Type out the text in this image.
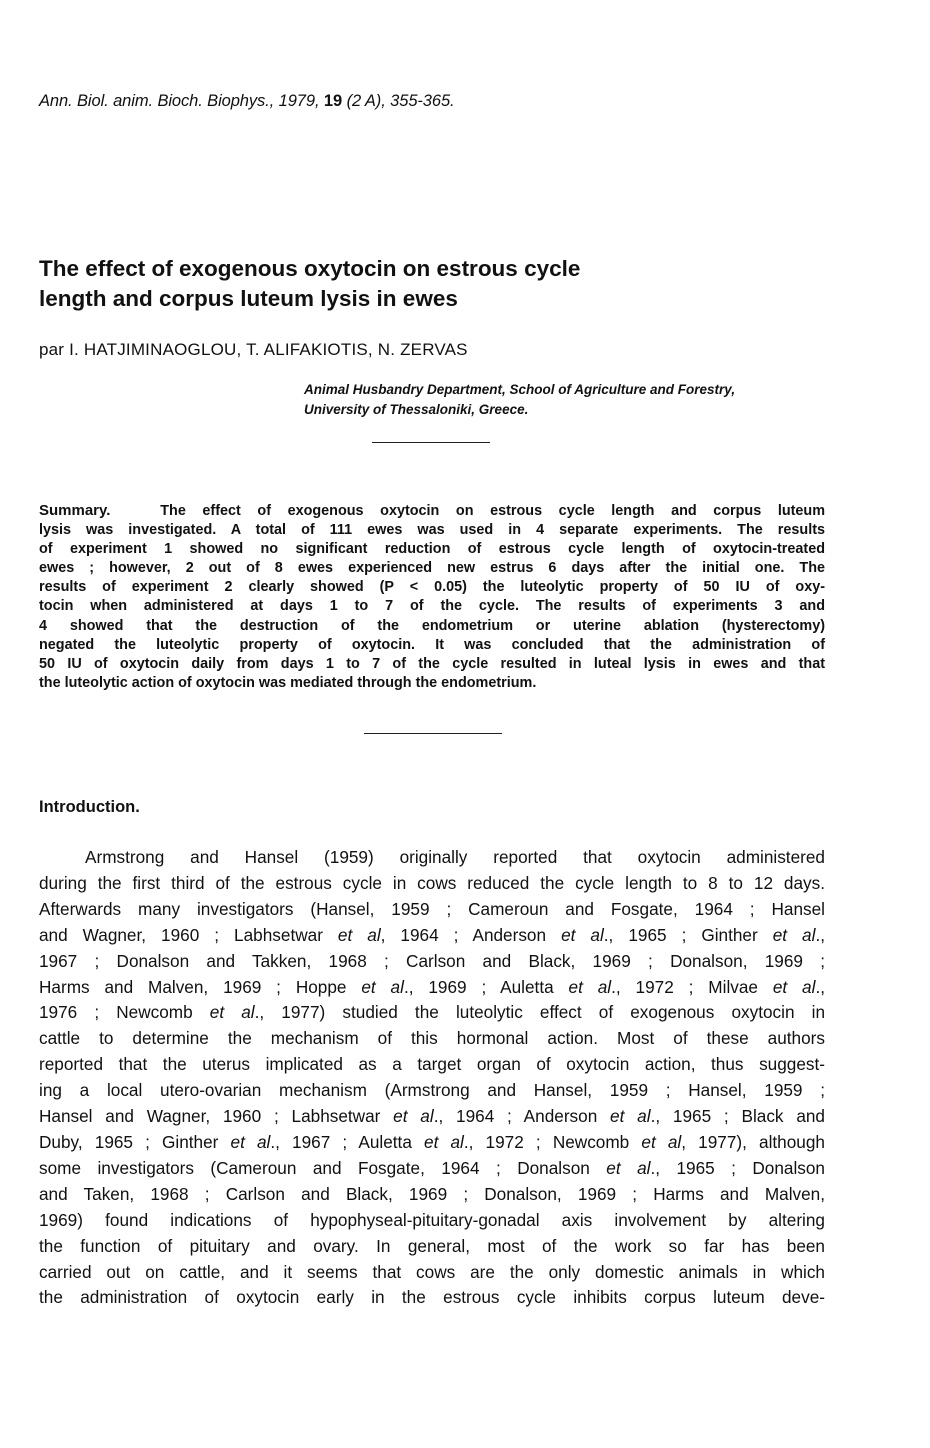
Ann. Biol. anim. Bioch. Biophys., 1979, 19 (2 A), 355-365.
The effect of exogenous oxytocin on estrous cycle
length and corpus luteum lysis in ewes
par I. HATJIMINAOGLOU, T. ALIFAKIOTIS, N. ZERVAS
Animal Husbandry Department, School of Agriculture and Forestry,
University of Thessaloniki, Greece.

Summary.	The effect of exogenous oxytocin on estrous cycle length and corpus luteum
lysis was investigated. A total of 111 ewes was used in 4 separate experiments. The results
of experiment 1 showed no significant reduction of estrous cycle length of oxytocin-treated
ewes ; however, 2 out of 8 ewes experienced new estrus 6 days after the initial one. The
results of experiment 2 clearly showed (P < 0.05) the luteolytic property of 50 IU of oxy-
tocin when administered at days 1 to 7 of the cycle. The results of experiments 3 and
4 showed that the destruction of the endometrium or uterine ablation (hysterectomy)
negated the luteolytic property of oxytocin. It was concluded that the administration of
50 IU of oxytocin daily from days 1 to 7 of the cycle resulted in luteal lysis in ewes and that
the luteolytic action of oxytocin was mediated through the endometrium.

Introduction.

Armstrong and Hansel (1959) originally reported that oxytocin administered
during the first third of the estrous cycle in cows reduced the cycle length to 8 to 12 days.
Afterwards many investigators (Hansel, 1959 ; Cameroun and Fosgate, 1964 ; Hansel
and Wagner, 1960 ; Labhsetwar et al, 1964 ; Anderson et al., 1965 ; Ginther et al.,
1967 ; Donalson and Takken, 1968 ; Carlson and Black, 1969 ; Donalson, 1969 ;
Harms and Malven, 1969 ; Hoppe et al., 1969 ; Auletta et al., 1972 ; Milvae et al.,
1976 ; Newcomb et al., 1977) studied the luteolytic effect of exogenous oxytocin in
cattle to determine the mechanism of this hormonal action. Most of these authors
reported that the uterus implicated as a target organ of oxytocin action, thus suggest-
ing a local utero-ovarian mechanism (Armstrong and Hansel, 1959 ; Hansel, 1959 ;
Hansel and Wagner, 1960 ; Labhsetwar et al., 1964 ; Anderson et al., 1965 ; Black and
Duby, 1965 ; Ginther et al., 1967 ; Auletta et al., 1972 ; Newcomb et al, 1977), although
some investigators (Cameroun and Fosgate, 1964 ; Donalson et al., 1965 ; Donalson
and Taken, 1968 ; Carlson and Black, 1969 ; Donalson, 1969 ; Harms and Malven,
1969) found indications of hypophyseal-pituitary-gonadal axis involvement by altering
the function of pituitary and ovary. In general, most of the work so far has been
carried out on cattle, and it seems that cows are the only domestic animals in which
the administration of oxytocin early in the estrous cycle inhibits corpus luteum deve-
